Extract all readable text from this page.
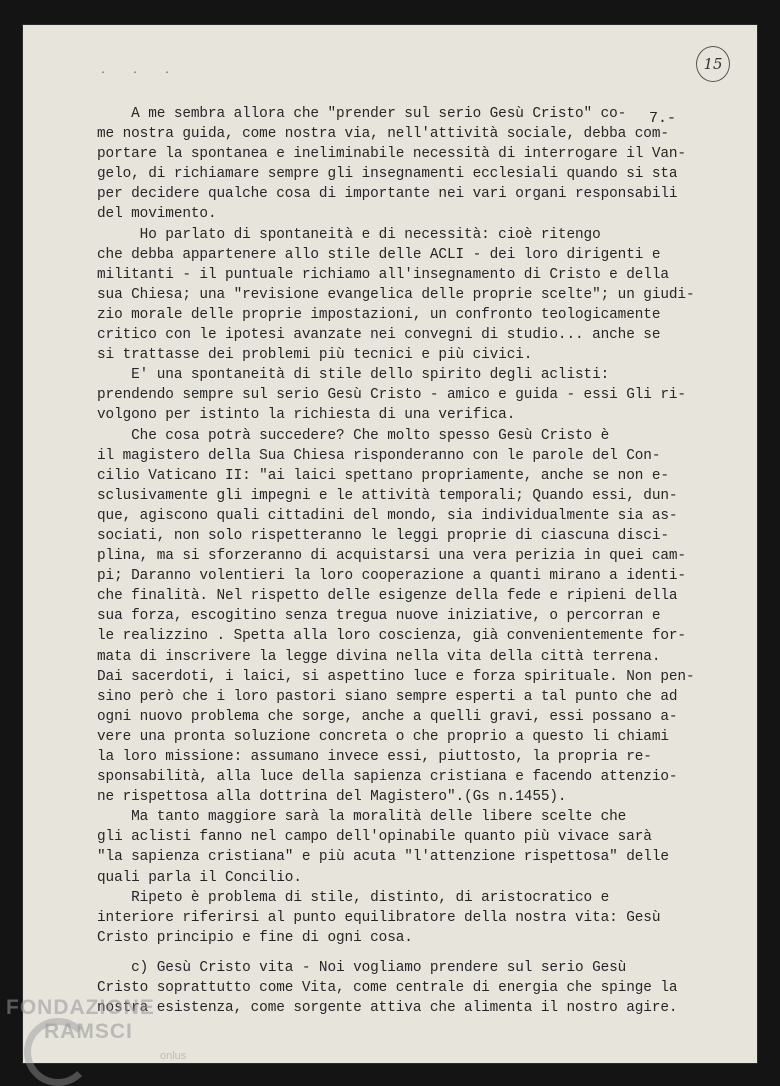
. . .
7.-
15
A me sembra allora che "prender sul serio Gesù Cristo" co-
me nostra guida, come nostra via, nell'attività sociale, debba com-
portare la spontanea e ineliminabile necessità di interrogare il Van-
gelo, di richiamare sempre gli insegnamenti ecclesiali quando si sta
per decidere qualche cosa di importante nei vari organi responsabili
del movimento.
Ho parlato di spontaneità e di necessità: cioè ritengo
che debba appartenere allo stile delle ACLI - dei loro dirigenti e
militanti - il puntuale richiamo all'insegnamento di Cristo e della
sua Chiesa; una "revisione evangelica delle proprie scelte"; un giudi-
zio morale delle proprie impostazioni, un confronto teologicamente
critico con le ipotesi avanzate nei convegni di studio... anche se
si trattasse dei problemi più tecnici e più civici.
E' una spontaneità di stile dello spirito degli aclisti:
prendendo sempre sul serio Gesù Cristo - amico e guida - essi Gli ri-
volgono per istinto la richiesta di una verifica.
Che cosa potrà succedere? Che molto spesso Gesù Cristo è
il magistero della Sua Chiesa risponderanno con le parole del Con-
cilio Vaticano II: "ai laici spettano propriamente, anche se non e-
sclusivamente gli impegni e le attività temporali; Quando essi, dun-
que, agiscono quali cittadini del mondo, sia individualmente sia as-
sociati, non solo rispetteranno le leggi proprie di ciascuna disci-
plina, ma si sforzeranno di acquistarsi una vera perizia in quei cam-
pi; Daranno volentieri la loro cooperazione a quanti mirano a identi-
che finalità. Nel rispetto delle esigenze della fede e ripieni della
sua forza, escogitino senza tregua nuove iniziative, o percorran e
le realizzino . Spetta alla loro coscienza, già convenientemente for-
mata di inscrivere la legge divina nella vita della città terrena.
Dai sacerdoti, i laici, si aspettino luce e forza spirituale. Non pen-
sino però che i loro pastori siano sempre esperti a tal punto che ad
ogni nuovo problema che sorge, anche a quelli gravi, essi possano a-
vere una pronta soluzione concreta o che proprio a questo li chiami
la loro missione: assumano invece essi, piuttosto, la propria re-
sponsabilità, alla luce della sapienza cristiana e facendo attenzio-
ne rispettosa alla dottrina del Magistero".(Gs n.1455).
Ma tanto maggiore sarà la moralità delle libere scelte che
gli aclisti fanno nel campo dell'opinabile quanto più vivace sarà
"la sapienza cristiana" e più acuta "l'attenzione rispettosa" delle
quali parla il Concilio.
Ripeto è problema di stile, distinto, di aristocratico e
interiore riferirsi al punto equilibratore della nostra vita: Gesù
Cristo principio e fine di ogni cosa.
c) Gesù Cristo vita - Noi vogliamo prendere sul serio Gesù
Cristo soprattutto come Vita, come centrale di energia che spinge la
nostra esistenza, come sorgente attiva che alimenta il nostro agire.
FONDAZIONE
RAMSCI
onlus
